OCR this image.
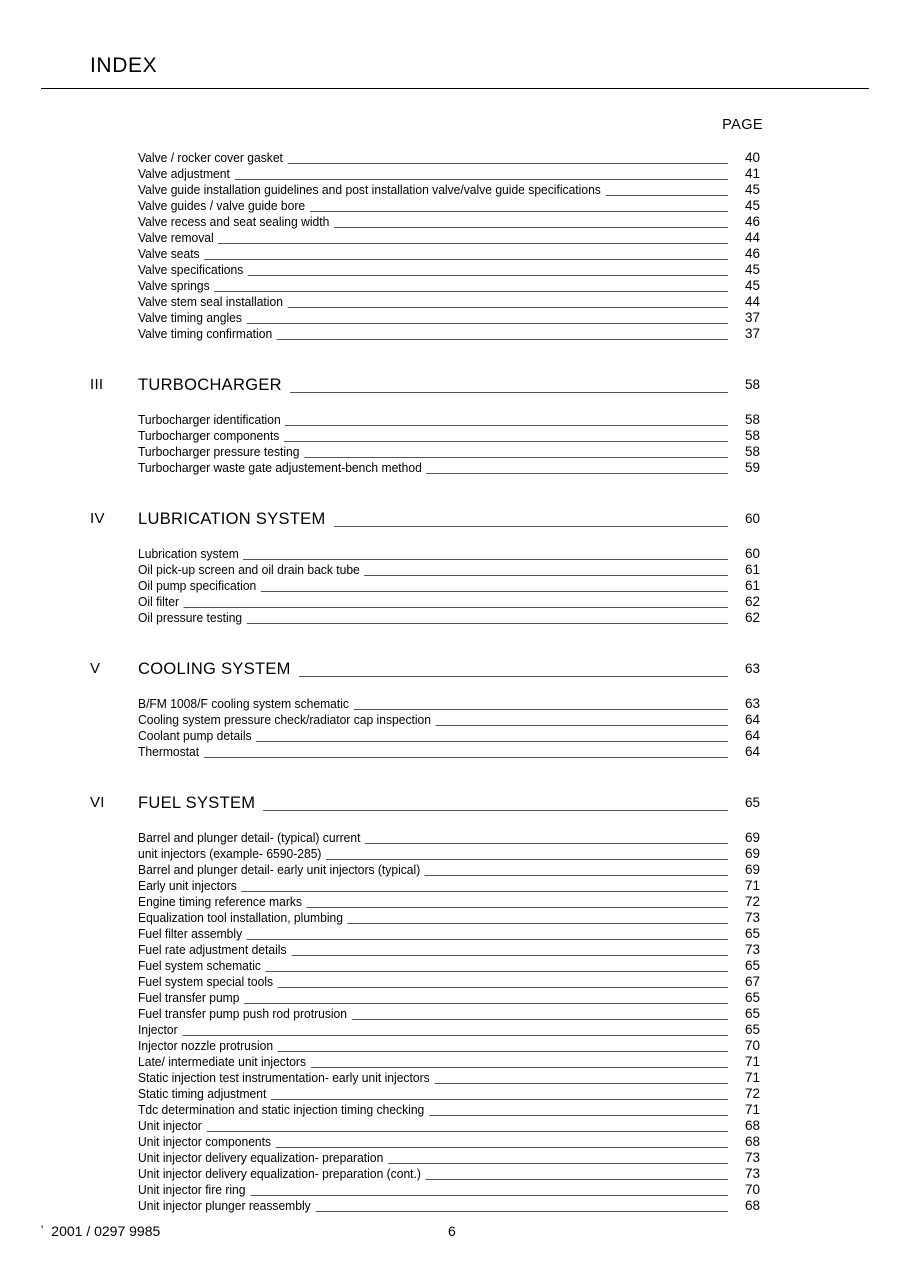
INDEX
PAGE
Valve / rocker cover gasket	40
Valve adjustment	41
Valve guide installation guidelines and post installation valve/valve guide specifications	45
Valve guides / valve guide bore	45
Valve recess and seat sealing width	46
Valve removal	44
Valve seats	46
Valve specifications	45
Valve springs	45
Valve stem seal installation	44
Valve timing angles	37
Valve timing confirmation	37
III TURBOCHARGER	58
Turbocharger identification	58
Turbocharger components	58
Turbocharger pressure testing	58
Turbocharger waste gate adjustement-bench method	59
IV LUBRICATION SYSTEM	60
Lubrication system	60
Oil pick-up screen and oil drain back tube	61
Oil pump specification	61
Oil filter	62
Oil pressure testing	62
V COOLING SYSTEM	63
B/FM 1008/F cooling system schematic	63
Cooling system pressure check/radiator cap inspection	64
Coolant pump details	64
Thermostat	64
VI FUEL SYSTEM	65
Barrel and plunger detail- (typical) current	69
unit injectors (example- 6590-285)	69
Barrel and plunger detail- early unit injectors (typical)	69
Early unit injectors	71
Engine timing reference marks	72
Equalization tool installation, plumbing	73
Fuel filter assembly	65
Fuel rate adjustment details	73
Fuel system schematic	65
Fuel system special tools	67
Fuel transfer pump	65
Fuel transfer pump push rod protrusion	65
Injector	65
Injector nozzle protrusion	70
Late/ intermediate unit injectors	71
Static injection test instrumentation- early unit injectors	71
Static timing adjustment	72
Tdc determination and static injection timing checking	71
Unit injector	68
Unit injector components	68
Unit injector delivery equalization- preparation	73
Unit injector delivery equalization- preparation (cont.)	73
Unit injector fire ring	70
Unit injector plunger reassembly	68
' 2001 / 0297 9985	6
